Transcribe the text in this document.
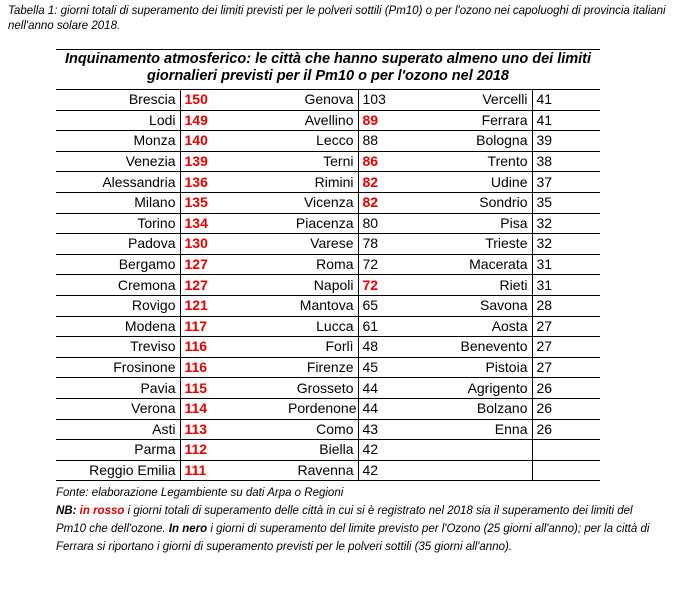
Tabella 1: giorni totali di superamento dei limiti previsti per le polveri sottili (Pm10) o per l'ozono nei capoluoghi di provincia italiani nell'anno solare 2018.
Inquinamento atmosferico: le città che hanno superato almeno uno dei limiti
giornalieri previsti per il Pm10 o per l'ozono nel 2018
Brescia	150		Genova	103		Vercelli	41
Lodi	149		Avellino	89		Ferrara	41
Monza	140		Lecco	88		Bologna	39
Venezia	139		Terni	86		Trento	38
Alessandria	136		Rimini	82		Udine	37
Milano	135		Vicenza	82		Sondrio	35
Torino	134		Piacenza	80		Pisa	32
Padova	130		Varese	78		Trieste	32
Bergamo	127		Roma	72		Macerata	31
Cremona	127		Napoli	72		Rieti	31
Rovigo	121		Mantova	65		Savona	28
Modena	117		Lucca	61		Aosta	27
Treviso	116		Forlì	48		Benevento	27
Frosinone	116		Firenze	45		Pistoia	27
Pavia	115		Grosseto	44		Agrigento	26
Verona	114		Pordenone	44		Bolzano	26
Asti	113		Como	43		Enna	26
Parma	112		Biella	42			
Reggio Emilia	111		Ravenna	42			
Fonte: elaborazione Legambiente su dati Arpa o Regioni
NB: in rosso i giorni totali di superamento delle città in cui si è registrato nel 2018 sia il superamento dei limiti del Pm10 che dell'ozone. In nero i giorni di superamento del limite previsto per l'Ozono (25 giorni all'anno); per la città di Ferrara si riportano i giorni di superamento previsti per le polveri sottili (35 giorni all'anno).
